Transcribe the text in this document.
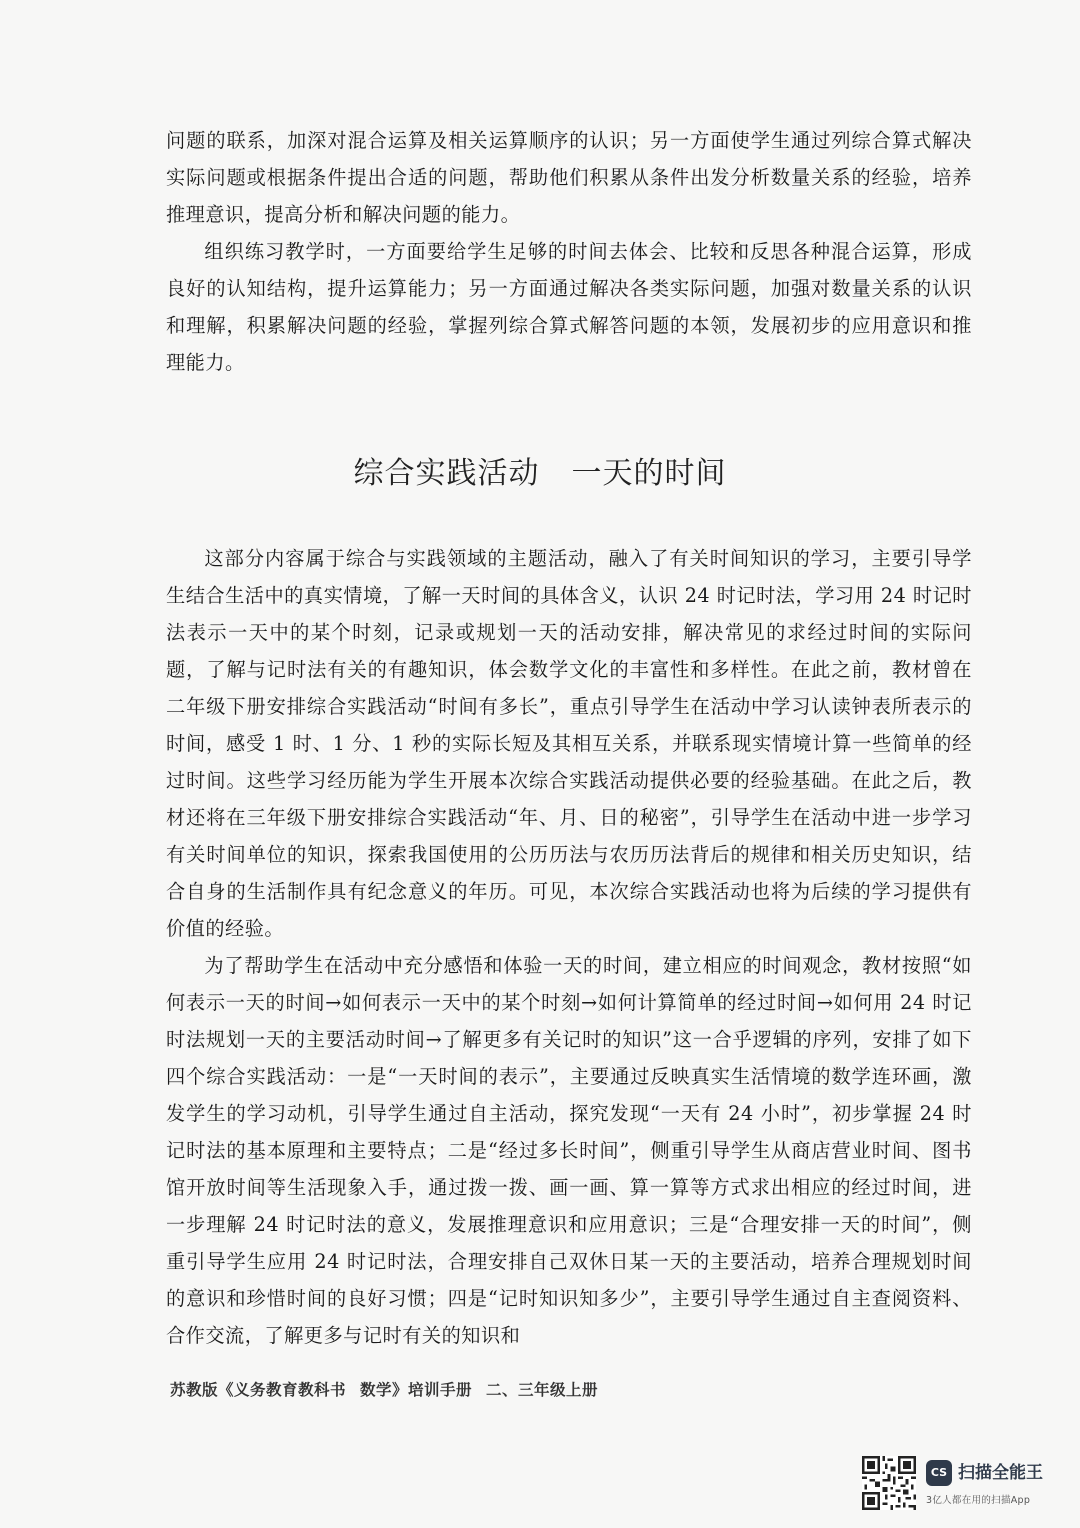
问题的联系，加深对混合运算及相关运算顺序的认识；另一方面使学生通过列综合算式解决实际问题或根据条件提出合适的问题，帮助他们积累从条件出发分析数量关系的经验，培养推理意识，提高分析和解决问题的能力。

组织练习教学时，一方面要给学生足够的时间去体会、比较和反思各种混合运算，形成良好的认知结构，提升运算能力；另一方面通过解决各类实际问题，加强对数量关系的认识和理解，积累解决问题的经验，掌握列综合算式解答问题的本领，发展初步的应用意识和推理能力。

综合实践活动 一天的时间

这部分内容属于综合与实践领域的主题活动，融入了有关时间知识的学习，主要引导学生结合生活中的真实情境，了解一天时间的具体含义，认识 24 时记时法，学习用 24 时记时法表示一天中的某个时刻，记录或规划一天的活动安排，解决常见的求经过时间的实际问题，了解与记时法有关的有趣知识，体会数学文化的丰富性和多样性。在此之前，教材曾在二年级下册安排综合实践活动“时间有多长”，重点引导学生在活动中学习认读钟表所表示的时间，感受 1 时、1 分、1 秒的实际长短及其相互关系，并联系现实情境计算一些简单的经过时间。这些学习经历能为学生开展本次综合实践活动提供必要的经验基础。在此之后，教材还将在三年级下册安排综合实践活动“年、月、日的秘密”，引导学生在活动中进一步学习有关时间单位的知识，探索我国使用的公历历法与农历历法背后的规律和相关历史知识，结合自身的生活制作具有纪念意义的年历。可见，本次综合实践活动也将为后续的学习提供有价值的经验。

为了帮助学生在活动中充分感悟和体验一天的时间，建立相应的时间观念，教材按照“如何表示一天的时间→如何表示一天中的某个时刻→如何计算简单的经过时间→如何用 24 时记时法规划一天的主要活动时间→了解更多有关记时的知识”这一合乎逻辑的序列，安排了如下四个综合实践活动：一是“一天时间的表示”，主要通过反映真实生活情境的数学连环画，激发学生的学习动机，引导学生通过自主活动，探究发现“一天有 24 小时”，初步掌握 24 时记时法的基本原理和主要特点；二是“经过多长时间”，侧重引导学生从商店营业时间、图书馆开放时间等生活现象入手，通过拨一拨、画一画、算一算等方式求出相应的经过时间，进一步理解 24 时记时法的意义，发展推理意识和应用意识；三是“合理安排一天的时间”，侧重引导学生应用 24 时记时法，合理安排自己双休日某一天的主要活动，培养合理规划时间的意识和珍惜时间的良好习惯；四是“记时知识知多少”，主要引导学生通过自主查阅资料、合作交流，了解更多与记时有关的知识和

苏教版《义务教育教科书 数学》培训手册 二、三年级上册
CS 扫描全能王
3亿人都在用的扫描App
